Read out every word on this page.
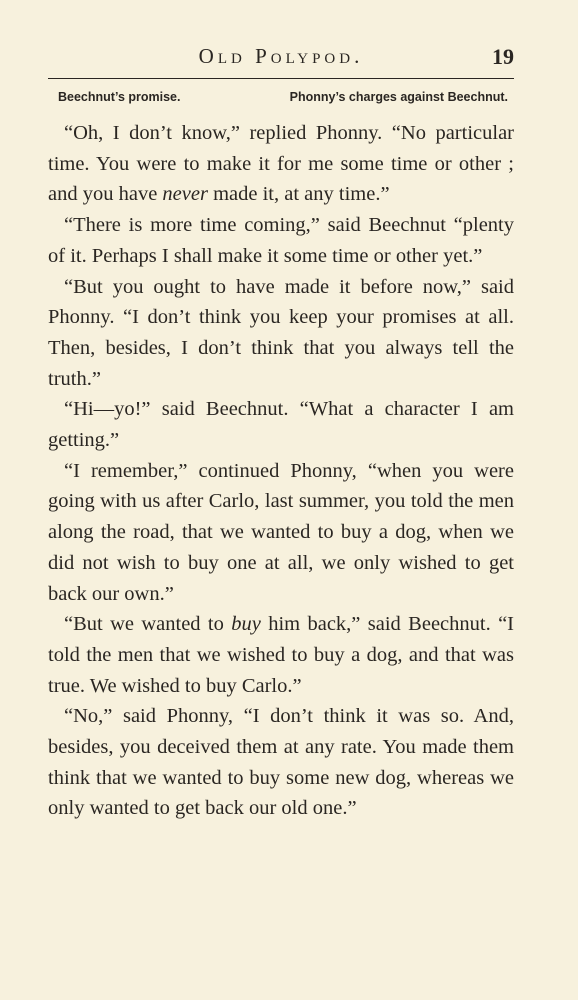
Old Polypod.	19
Beechnut’s promise.	Phonny’s charges against Beechnut.

“Oh, I don’t know,” replied Phonny. “No particular time. You were to make it for me some time or other ; and you have never made it, at any time.”

“There is more time coming,” said Beechnut “plenty of it. Perhaps I shall make it some time or other yet.”

“But you ought to have made it before now,” said Phonny. “I don’t think you keep your promises at all. Then, besides, I don’t think that you always tell the truth.”

“Hi—yo!” said Beechnut. “What a character I am getting.”

“I remember,” continued Phonny, “when you were going with us after Carlo, last summer, you told the men along the road, that we wanted to buy a dog, when we did not wish to buy one at all, we only wished to get back our own.”

“But we wanted to buy him back,” said Beechnut. “I told the men that we wished to buy a dog, and that was true. We wished to buy Carlo.”

“No,” said Phonny, “I don’t think it was so. And, besides, you deceived them at any rate. You made them think that we wanted to buy some new dog, whereas we only wanted to get back our old one.”
